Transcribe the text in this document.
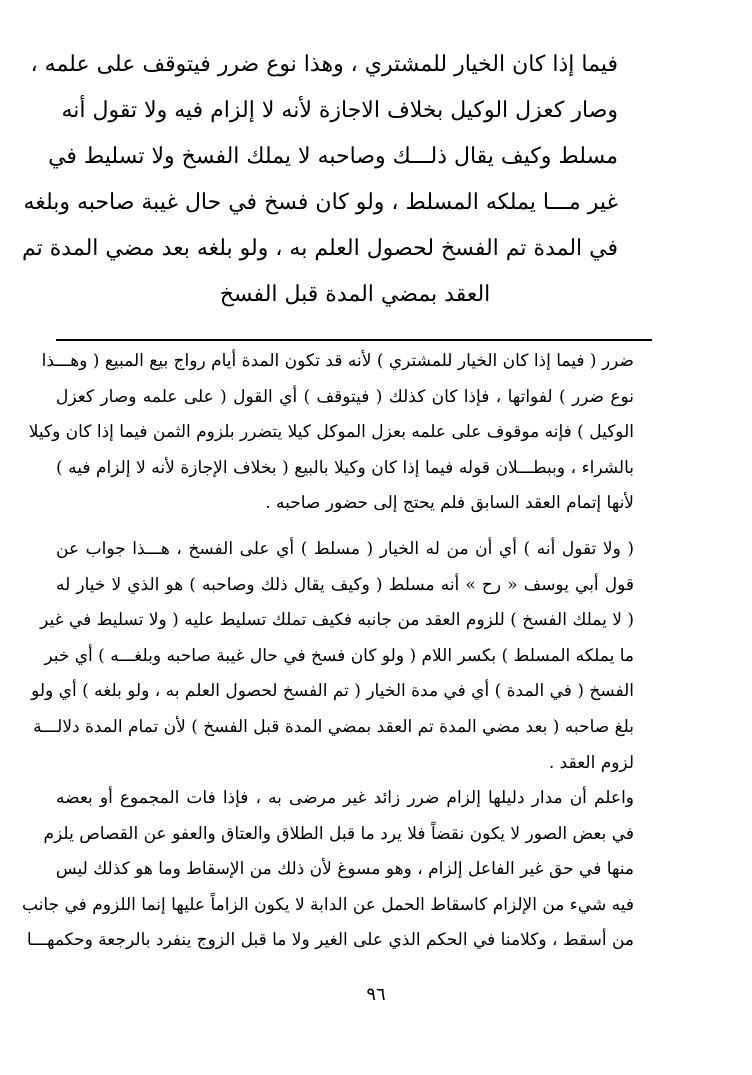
فيما إذا كان الخيار للمشتري ، وهذا نوع ضرر فيتوقف على علمه ،
وصار كعزل الوكيل بخلاف الاجازة لأنه لا إلزام فيه ولا تقول أنه
مسلط وكيف يقال ذلـــك وصاحبه لا يملك الفسخ ولا تسليط في
غير مـــا يملكه المسلط ، ولو كان فسخ في حال غيبة صاحبه وبلغه
في المدة تم الفسخ لحصول العلم به ، ولو بلغه بعد مضي المدة تم
العقد بمضي المدة قبل الفسخ
ضرر ( فيما إذا كان الخيار للمشتري ) لأنه قد تكون المدة أيام رواج بيع المبيع ( وهـــذا
نوع ضرر ) لفواتها ، فإذا كان كذلك ( فيتوقف ) أي القول ( على علمه وصار كعزل
الوكيل ) فإنه موقوف على علمه بعزل الموكل كيلا يتضرر بلزوم الثمن فيما إذا كان وكيلا
بالشراء ، وببطـــلان قوله فيما إذا كان وكيلا بالبيع ( بخلاف الإجازة لأنه لا إلزام فيه )
لأنها إتمام العقد السابق فلم يحتج إلى حضور صاحبه .
( ولا تقول أنه ) أي أن من له الخيار ( مسلط ) أي على الفسخ ، هـــذا جواب عن
قول أبي يوسف « رح » أنه مسلط ( وكيف يقال ذلك وصاحبه ) هو الذي لا خيار له
( لا يملك الفسخ ) للزوم العقد من جانبه فكيف تملك تسليط عليه ( ولا تسليط في غير
ما يملكه المسلط ) بكسر اللام ( ولو كان فسخ في حال غيبة صاحبه وبلغـــه ) أي خبر
الفسخ ( في المدة ) أي في مدة الخيار ( تم الفسخ لحصول العلم به ، ولو بلغه ) أي ولو
بلغ صاحبه ( بعد مضي المدة تم العقد بمضي المدة قبل الفسخ ) لأن تمام المدة دلالـــة
لزوم العقد .
واعلم أن مدار دليلها إلزام ضرر زائد غير مرضى به ، فإذا فات المجموع أو بعضه
في بعض الصور لا يكون نقضاً فلا يرد ما قبل الطلاق والعتاق والعفو عن القصاص يلزم
منها في حق غير الفاعل إلزام ، وهو مسوغ لأن ذلك من الإسقاط وما هو كذلك ليس
فيه شيء من الإلزام كاسقاط الحمل عن الدابة لا يكون الزاماً عليها إنما اللزوم في جانب
من أسقط ، وكلامنا في الحكم الذي على الغير ولا ما قبل الزوج ينفرد بالرجعة وحكمهـــا
٩٦
